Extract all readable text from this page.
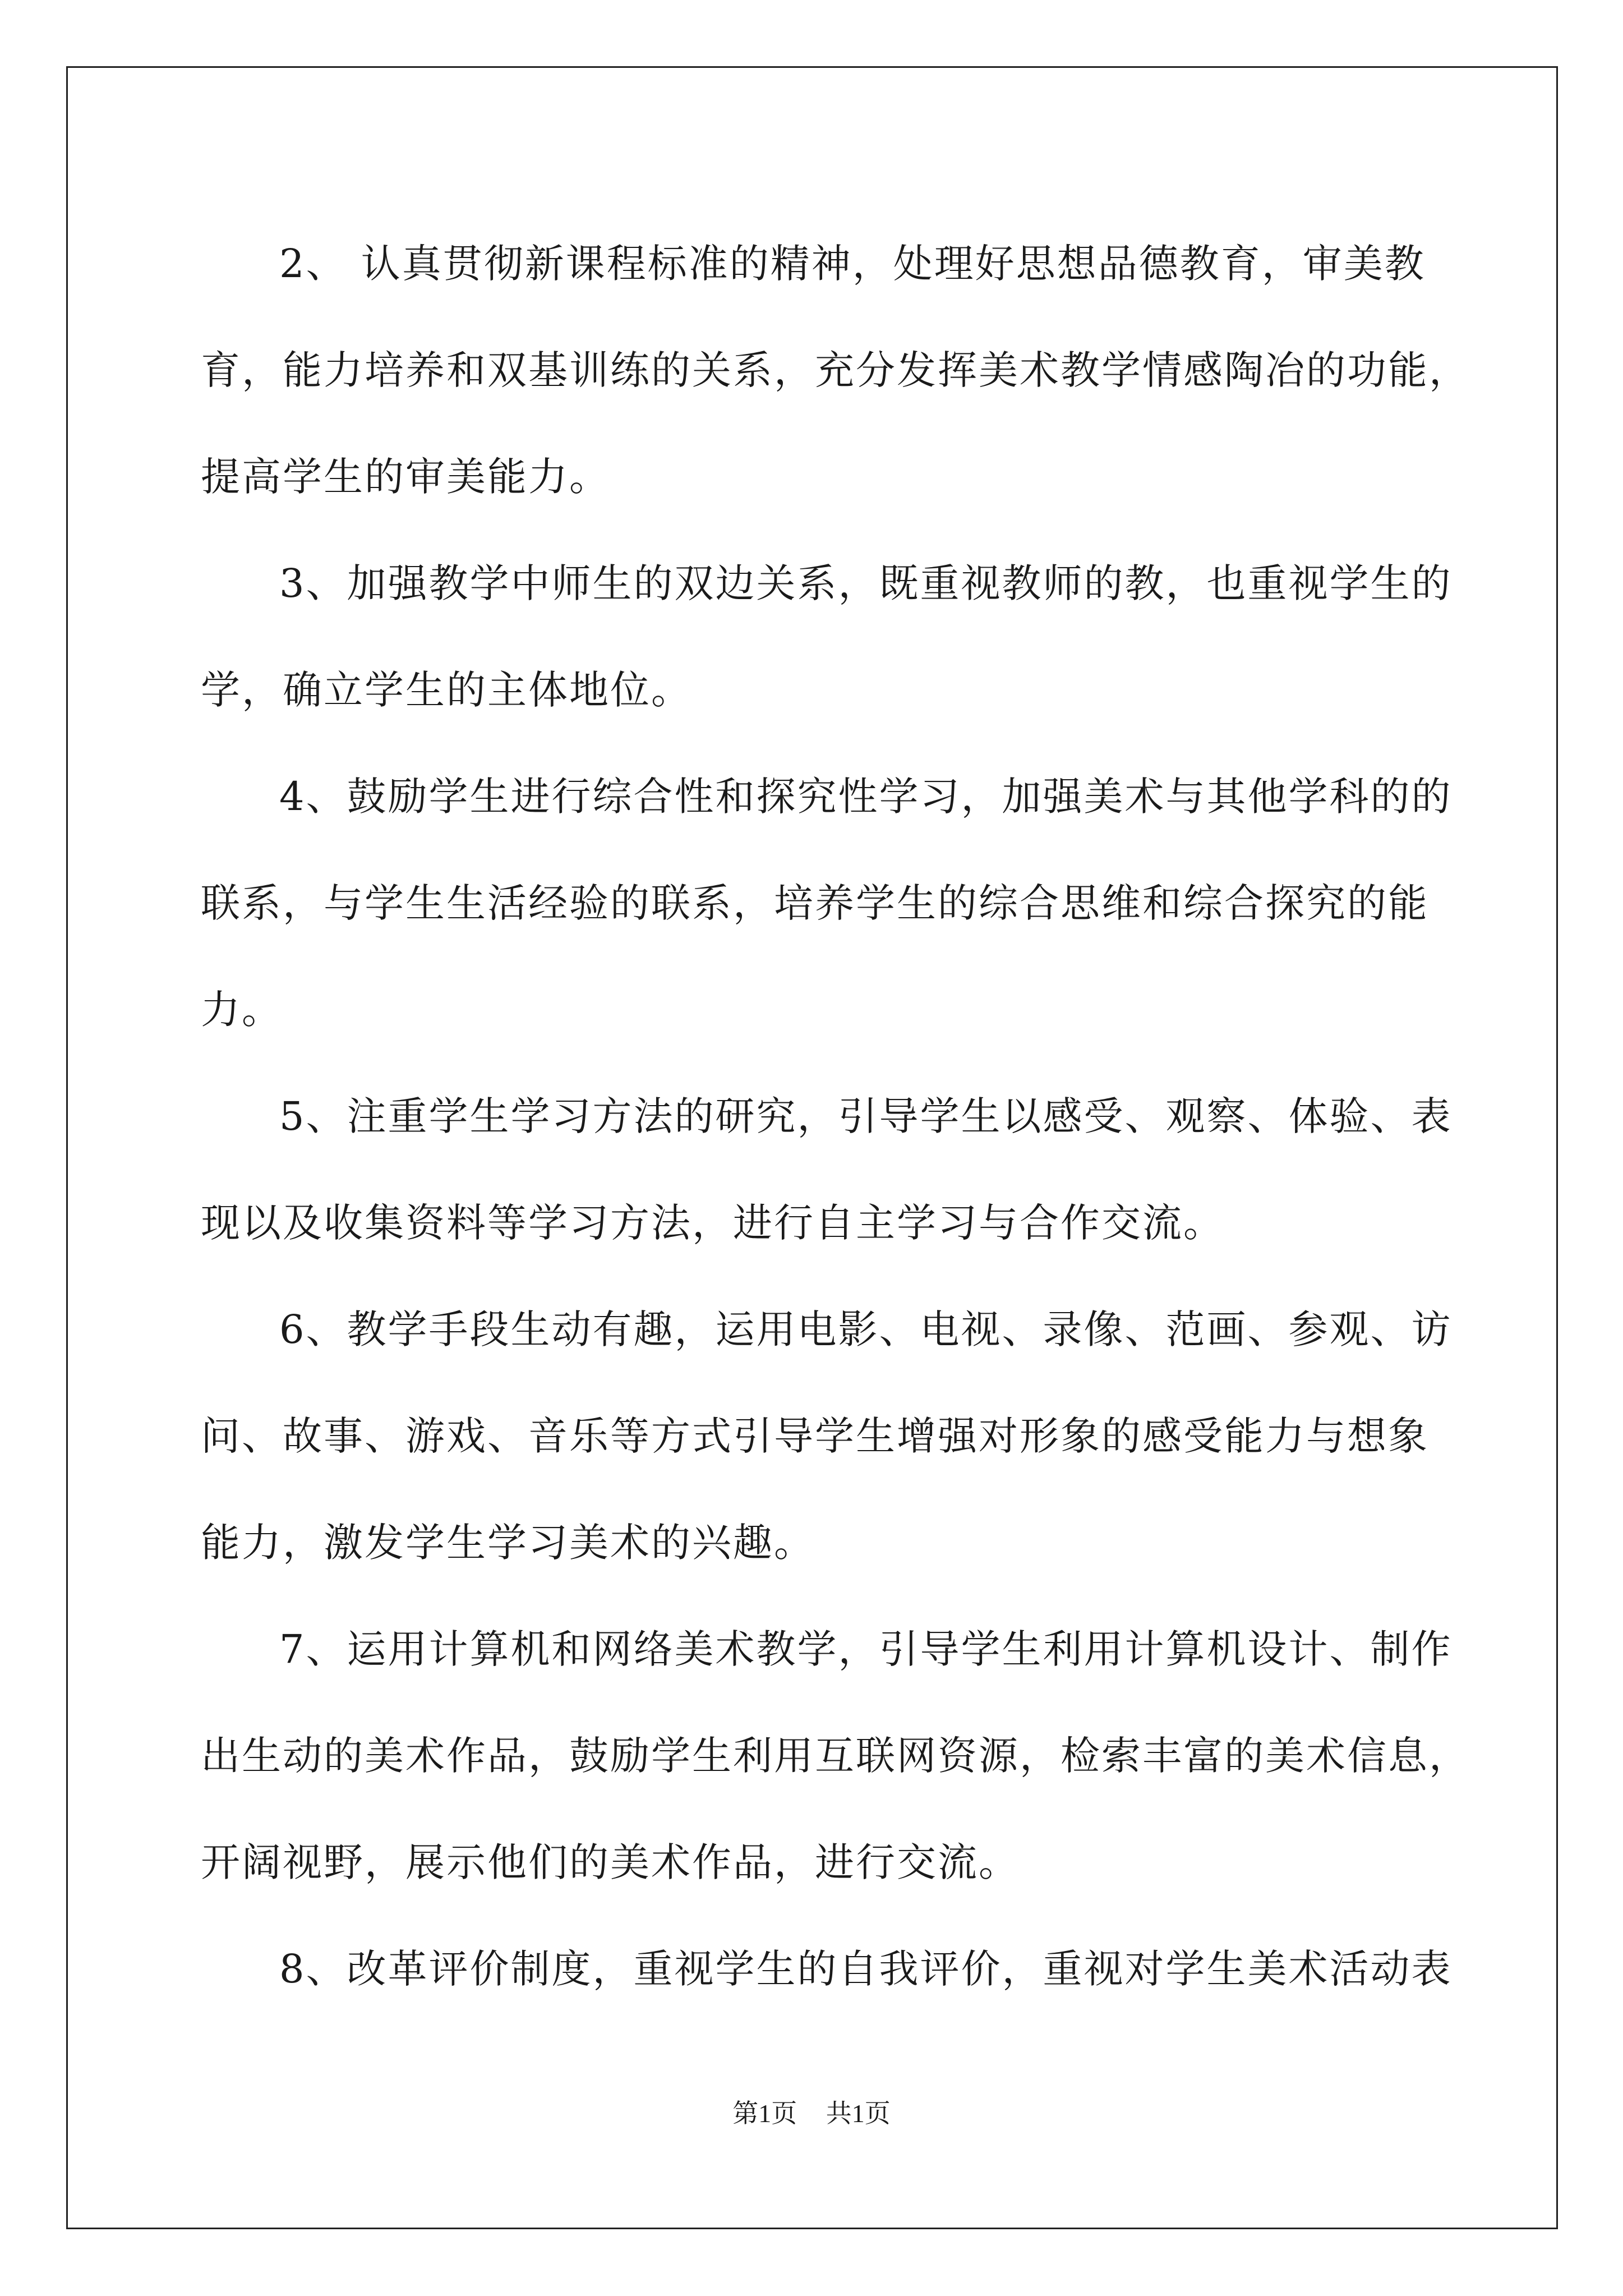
2、 认真贯彻新课程标准的精神，处理好思想品德教育，审美教
育，能力培养和双基训练的关系，充分发挥美术教学情感陶冶的功能，
提高学生的审美能力。
3、加强教学中师生的双边关系，既重视教师的教，也重视学生的
学，确立学生的主体地位。
4、鼓励学生进行综合性和探究性学习，加强美术与其他学科的的
联系，与学生生活经验的联系，培养学生的综合思维和综合探究的能
力。
5、注重学生学习方法的研究，引导学生以感受、观察、体验、表
现以及收集资料等学习方法，进行自主学习与合作交流。
6、教学手段生动有趣，运用电影、电视、录像、范画、参观、访
问、故事、游戏、音乐等方式引导学生增强对形象的感受能力与想象
能力，激发学生学习美术的兴趣。
7、运用计算机和网络美术教学，引导学生利用计算机设计、制作
出生动的美术作品，鼓励学生利用互联网资源，检索丰富的美术信息，
开阔视野，展示他们的美术作品，进行交流。
8、改革评价制度，重视学生的自我评价，重视对学生美术活动表
第1页 共1页
